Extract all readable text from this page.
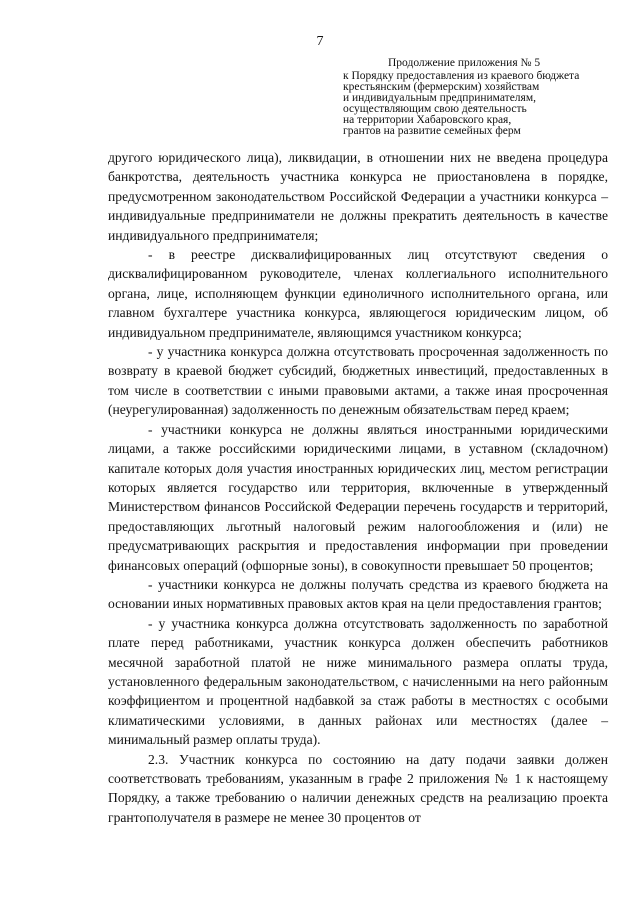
7
Продолжение приложения № 5
к Порядку предоставления из краевого бюджета
крестьянским (фермерским) хозяйствам
и индивидуальным предпринимателям,
осуществляющим свою деятельность
на территории Хабаровского края,
грантов на развитие семейных ферм

другого юридического лица), ликвидации, в отношении них не введена процедура банкротства, деятельность участника конкурса не приостановлена в порядке, предусмотренном законодательством Российской Федерации а участники конкурса – индивидуальные предприниматели не должны прекратить деятельность в качестве индивидуального предпринимателя;

- в реестре дисквалифицированных лиц отсутствуют сведения о дисквалифицированном руководителе, членах коллегиального исполнительного органа, лице, исполняющем функции единоличного исполнительного органа, или главном бухгалтере участника конкурса, являющегося юридическим лицом, об индивидуальном предпринимателе, являющимся участником конкурса;

- у участника конкурса должна отсутствовать просроченная задолженность по возврату в краевой бюджет субсидий, бюджетных инвестиций, предоставленных в том числе в соответствии с иными правовыми актами, а также иная просроченная (неурегулированная) задолженность по денежным обязательствам перед краем;

- участники конкурса не должны являться иностранными юридическими лицами, а также российскими юридическими лицами, в уставном (складочном) капитале которых доля участия иностранных юридических лиц, местом регистрации которых является государство или территория, включенные в утвержденный Министерством финансов Российской Федерации перечень государств и территорий, предоставляющих льготный налоговый режим налогообложения и (или) не предусматривающих раскрытия и предоставления информации при проведении финансовых операций (офшорные зоны), в совокупности превышает 50 процентов;

- участники конкурса не должны получать средства из краевого бюджета на основании иных нормативных правовых актов края на цели предоставления грантов;

- у участника конкурса должна отсутствовать задолженность по заработной плате перед работниками, участник конкурса должен обеспечить работников месячной заработной платой не ниже минимального размера оплаты труда, установленного федеральным законодательством, с начисленными на него районным коэффициентом и процентной надбавкой за стаж работы в местностях с особыми климатическими условиями, в данных районах или местностях (далее – минимальный размер оплаты труда).

2.3. Участник конкурса по состоянию на дату подачи заявки должен соответствовать требованиям, указанным в графе 2 приложения № 1 к настоящему Порядку, а также требованию о наличии денежных средств на реализацию проекта грантополучателя в размере не менее 30 процентов от
